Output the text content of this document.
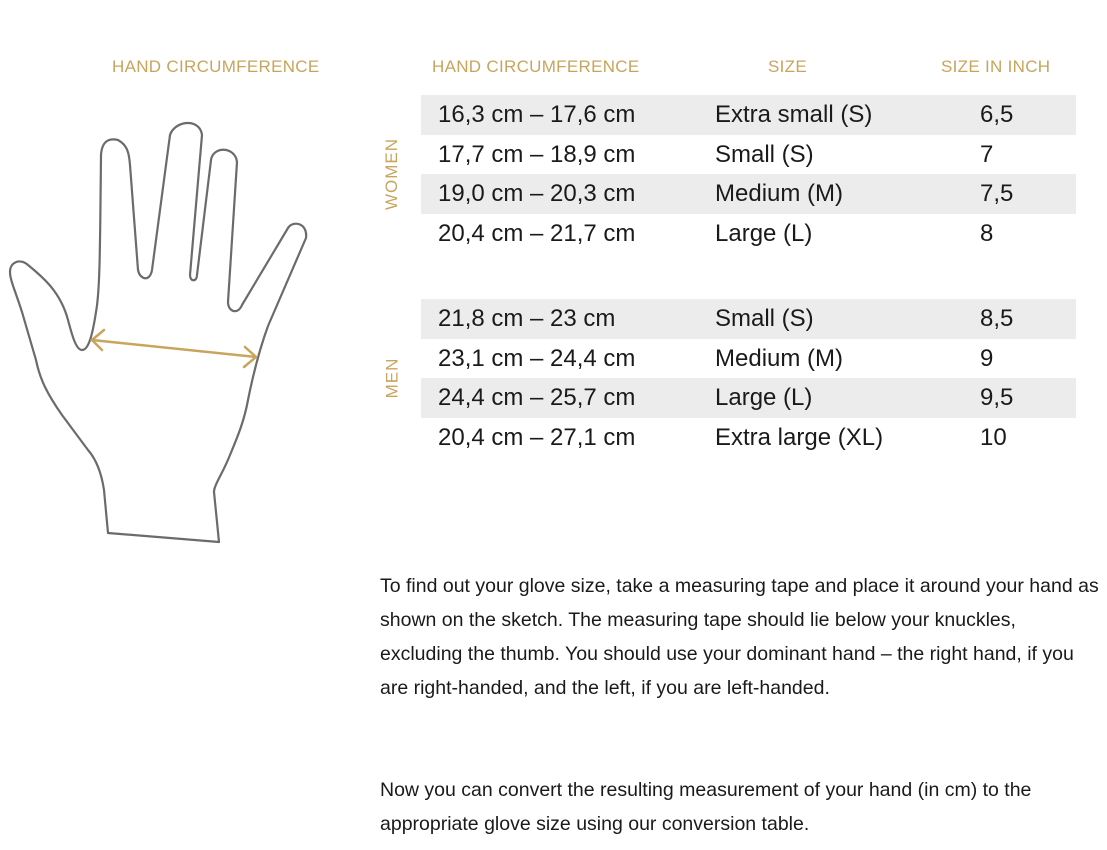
HAND CIRCUMFERENCE	HAND CIRCUMFERENCE	SIZE	SIZE IN INCH
WOMEN
16,3 cm – 17,6 cm	Extra small (S)	6,5
17,7 cm – 18,9 cm	Small (S)	7
19,0 cm – 20,3 cm	Medium (M)	7,5
20,4 cm – 21,7 cm	Large (L)	8
MEN
21,8 cm – 23 cm	Small (S)	8,5
23,1 cm – 24,4 cm	Medium (M)	9
24,4 cm – 25,7 cm	Large (L)	9,5
20,4 cm – 27,1 cm	Extra large (XL)	10

To find out your glove size, take a measuring tape and place it around your hand as shown on the sketch. The measuring tape should lie below your knuckles, excluding the thumb. You should use your dominant hand – the right hand, if you are right-handed, and the left, if you are left-handed.

Now you can convert the resulting measurement of your hand (in cm) to the appropriate glove size using our conversion table.
